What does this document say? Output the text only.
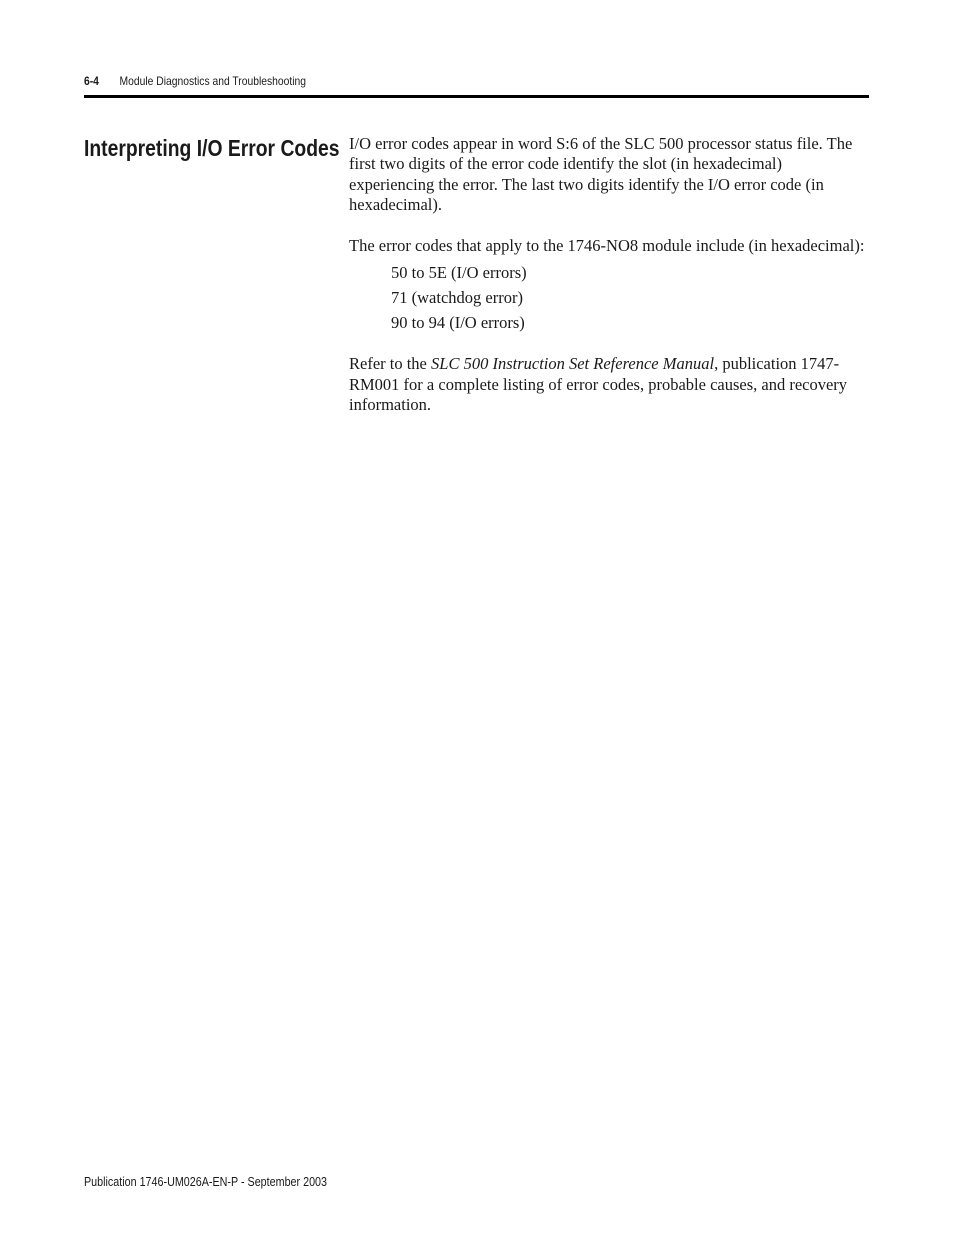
6-4 Module Diagnostics and Troubleshooting
Interpreting I/O Error Codes I/O error codes appear in word S:6 of the SLC 500 processor status file. The first two digits of the error code identify the slot (in hexadecimal) experiencing the error. The last two digits identify the I/O error code (in hexadecimal).

The error codes that apply to the 1746-NO8 module include (in hexadecimal):

50 to 5E (I/O errors)
71 (watchdog error)
90 to 94 (I/O errors)

Refer to the SLC 500 Instruction Set Reference Manual, publication 1747-RM001 for a complete listing of error codes, probable causes, and recovery information.

Publication 1746-UM026A-EN-P - September 2003
